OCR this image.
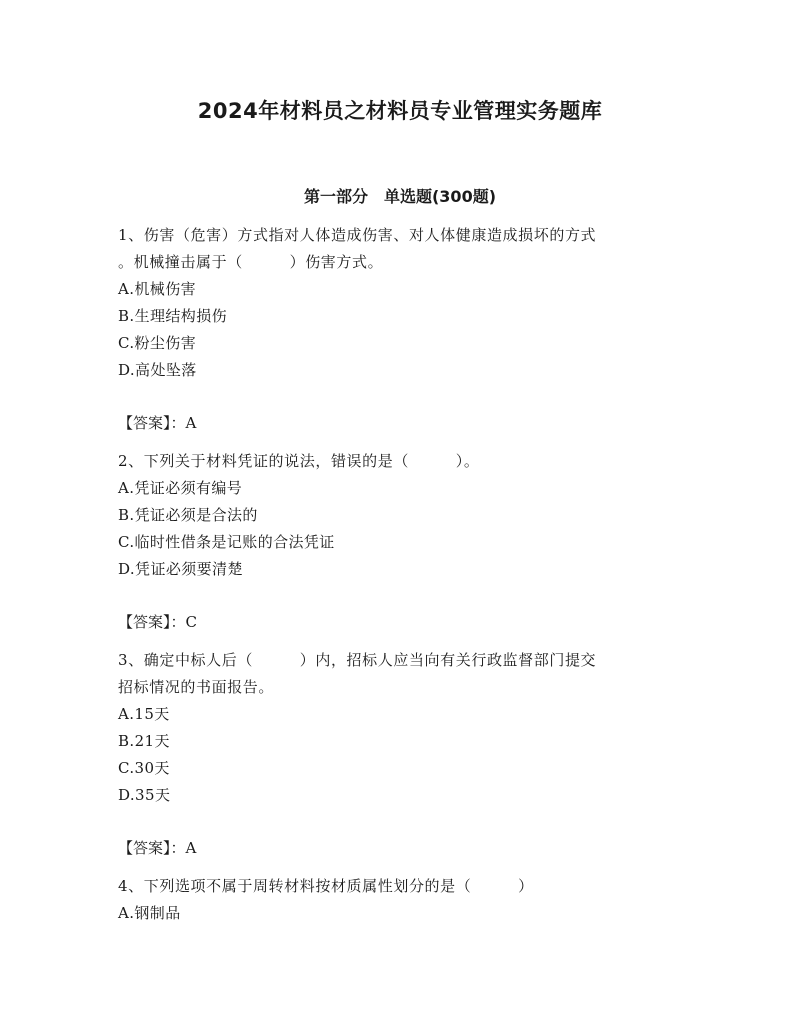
2024年材料员之材料员专业管理实务题库
第一部分　单选题(300题)

1、伤害（危害）方式指对人体造成伤害、对人体健康造成损坏的方式

。机械撞击属于（　　　）伤害方式。

A.机械伤害

B.生理结构损伤

C.粉尘伤害

D.高处坠落

【答案】：A

2、下列关于材料凭证的说法，错误的是（　　　）。

A.凭证必须有编号

B.凭证必须是合法的

C.临时性借条是记账的合法凭证

D.凭证必须要清楚

【答案】：C

3、确定中标人后（　　　）内，招标人应当向有关行政监督部门提交

招标情况的书面报告。

A.15天

B.21天

C.30天

D.35天

【答案】：A

4、下列选项不属于周转材料按材质属性划分的是（　　　）

A.钢制品
